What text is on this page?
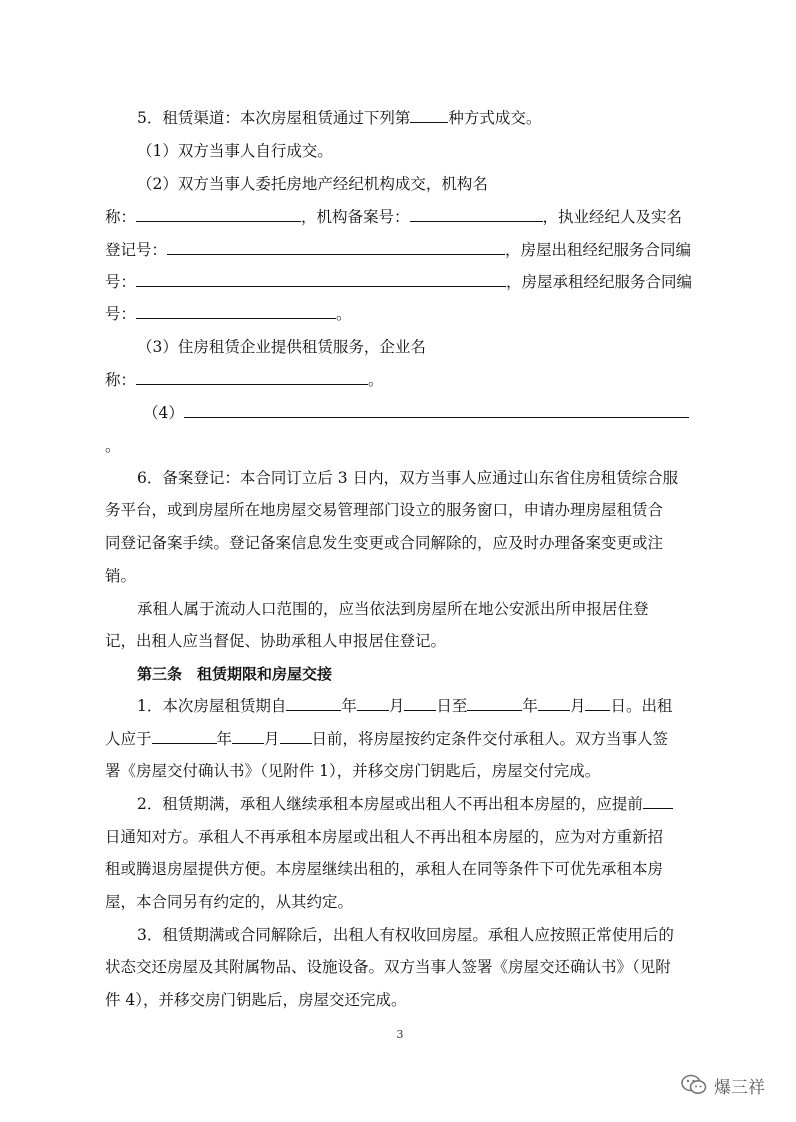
5．租赁渠道：本次房屋租赁通过下列第 种方式成交。
（1）双方当事人自行成交。
（2）双方当事人委托房地产经纪机构成交，机构名
称：	，机构备案号：	，执业经纪人及实名
登记号：	，房屋出租经纪服务合同编
号：	，房屋承租经纪服务合同编
号：	。
（3）住房租赁企业提供租赁服务，企业名
称：	。
（4）
。
6．备案登记：本合同订立后 3 日内，双方当事人应通过山东省住房租赁综合服
务平台，或到房屋所在地房屋交易管理部门设立的服务窗口，申请办理房屋租赁合
同登记备案手续。登记备案信息发生变更或合同解除的，应及时办理备案变更或注
销。
承租人属于流动人口范围的，应当依法到房屋所在地公安派出所申报居住登
记，出租人应当督促、协助承租人申报居住登记。
第三条　租赁期限和房屋交接
1．本次房屋租赁期自	年 月 日至	年 月 日。出租
人应于	年 月 日前，将房屋按约定条件交付承租人。双方当事人签
署《房屋交付确认书》（见附件 1），并移交房门钥匙后，房屋交付完成。
2．租赁期满，承租人继续承租本房屋或出租人不再出租本房屋的，应提前
日通知对方。承租人不再承租本房屋或出租人不再出租本房屋的，应为对方重新招
租或腾退房屋提供方便。本房屋继续出租的，承租人在同等条件下可优先承租本房
屋，本合同另有约定的，从其约定。
3．租赁期满或合同解除后，出租人有权收回房屋。承租人应按照正常使用后的
状态交还房屋及其附属物品、设施设备。双方当事人签署《房屋交还确认书》（见附
件 4），并移交房门钥匙后，房屋交还完成。
3
爆三祥
